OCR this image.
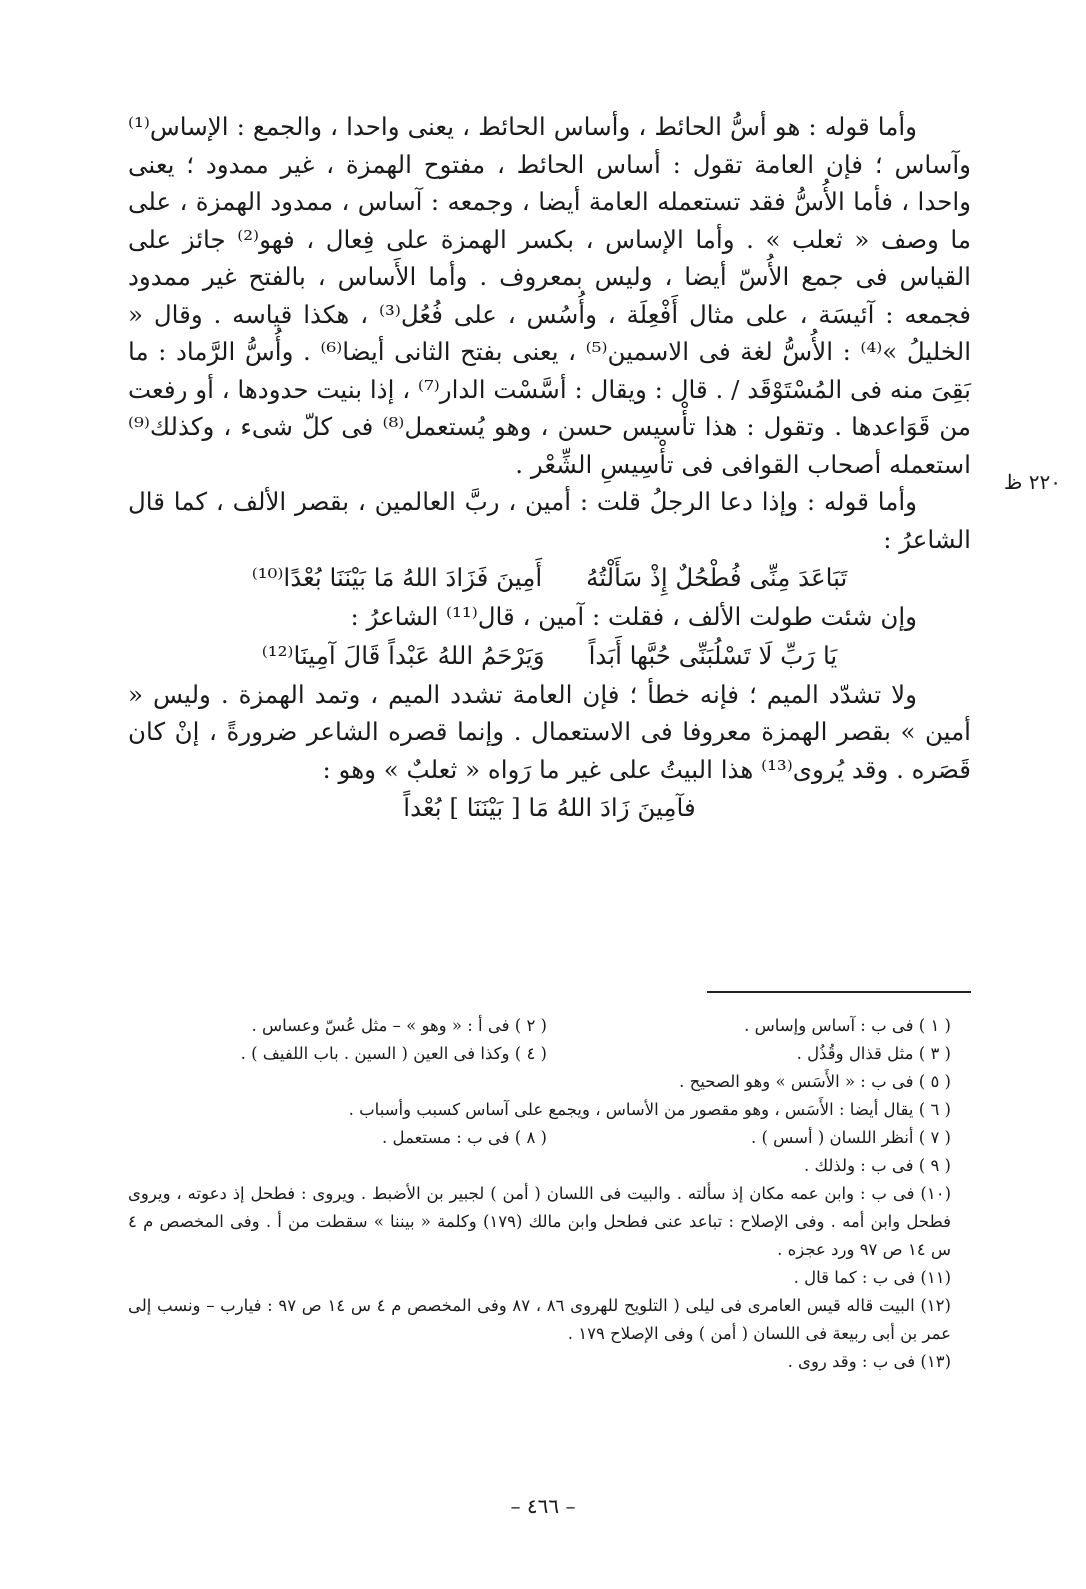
٢٢٠ ظ

وأما قوله : هو أسُّ الحائط ، وأساس الحائط ، يعنى واحدا ، والجمع : الإساس⁽¹⁾ وآساس ؛ فإن العامة تقول : أساس الحائط ، مفتوح الهمزة ، غير ممدود ؛ يعنى واحدا ، فأما الأُسُّ فقد تستعمله العامة أيضا ، وجمعه : آساس ، ممدود الهمزة ، على ما وصف « ثعلب » . وأما الإساس ، بكسر الهمزة على فِعال ، فهو⁽²⁾ جائز على القياس فى جمع الأُسّ أيضا ، وليس بمعروف . وأما الأَساس ، بالفتح غير ممدود فجمعه : آئيسَة ، على مثال أَفْعِلَة ، وأُسُس ، على فُعُل⁽³⁾ ، هكذا قياسه . وقال « الخليلُ »⁽⁴⁾ : الأُسُّ لغة فى الاسمين⁽⁵⁾ ، يعنى بفتح الثانى أيضا⁽⁶⁾ . وأُسُّ الرَّماد : ما بَقِىَ منه فى المُسْتَوْقَد / . قال : ويقال : أسَّسْت الدار⁽⁷⁾ ، إذا بنيت حدودها ، أو رفعت من قَوَاعدها . وتقول : هذا تأْسيس حسن ، وهو يُستعمل⁽⁸⁾ فى كلّ شىء ، وكذلك⁽⁹⁾ استعمله أصحاب القوافى فى تأْسِيسِ الشِّعْر .

وأما قوله : وإذا دعا الرجلُ قلت : أمين ، ربَّ العالمين ، بقصر الألف ، كما قال الشاعرُ :

تَبَاعَدَ مِنِّى فُطْحُلٌ إِذْ سَأَلْتُهُ
أَمِينَ فَزَادَ اللهُ مَا بَيْنَنَا بُعْدًا⁽¹⁰⁾

وإن شئت طولت الألف ، فقلت : آمين ، قال⁽¹¹⁾ الشاعرُ :

يَا رَبِّ لَا تَسْلُبَنِّى حُبَّها أَبَداً
وَيَرْحَمُ اللهُ عَبْداً قَالَ آمِينَا⁽¹²⁾

ولا تشدّد الميم ؛ فإنه خطأ ؛ فإن العامة تشدد الميم ، وتمد الهمزة . وليس « أمين » بقصر الهمزة معروفا فى الاستعمال . وإنما قصره الشاعر ضرورةً ، إنْ كان قَصَره . وقد يُروى⁽¹³⁾ هذا البيتُ على غير ما رَواه « ثعلبٌ » وهو :

فآمِينَ زَادَ اللهُ مَا [ بَيْنَنَا ] بُعْداً

( ١ ) فى ب : آساس وإساس .

( ٢ ) فى أ : « وهو » – مثل عُسّ وعساس .

( ٣ ) مثل قذال وقُذُل .

( ٤ ) وكذا فى العين ( السين . باب اللفيف ) .

( ٥ ) فى ب : « الأَسَس » وهو الصحيح .

( ٦ ) يقال أيضا : الأَسَس ، وهو مقصور من الأساس ، ويجمع على آساس كسبب وأسباب .

( ٧ ) أنظر اللسان ( أسس ) .

( ٨ ) فى ب : مستعمل .

( ٩ ) فى ب : ولذلك .

(١٠) فى ب : وابن عمه مكان إذ سألته . والبيت فى اللسان ( أمن ) لجبير بن الأضبط . ويروى : فطحل إذ دعوته ، ويروى فطحل وابن أمه . وفى الإصلاح : تباعد عنى فطحل وابن مالك (١٧٩) وكلمة « بيننا » سقطت من أ . وفى المخصص م ٤ س ١٤ ص ٩٧ ورد عجزه .

(١١) فى ب : كما قال .

(١٢) البيت قاله قيس العامرى فى ليلى ( التلويح للهروى ٨٦ ، ٨٧ وفى المخصص م ٤ س ١٤ ص ٩٧ : فيارب – ونسب إلى عمر بن أبى ربيعة فى اللسان ( أمن ) وفى الإصلاح ١٧٩ .

(١٣) فى ب : وقد روى .

– ٤٦٦ –
